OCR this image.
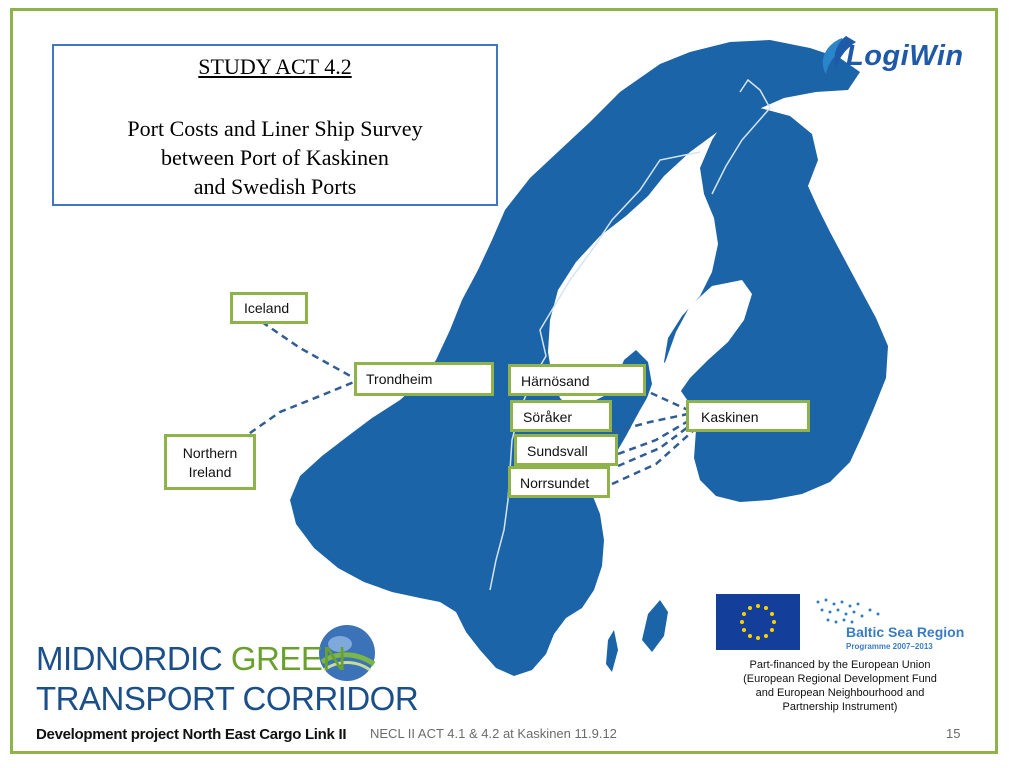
STUDY ACT 4.2
Port Costs and Liner Ship Survey
between Port of Kaskinen
and Swedish Ports
Iceland
Trondheim
Northern
Ireland
Härnösand
Söråker
Sundsvall
Norrsundet
Kaskinen
LogiWin
Baltic Sea Region
Programme 2007–2013
Part-financed by the European Union
(European Regional Development Fund
and European Neighbourhood and
Partnership Instrument)
MIDNORDIC GREEN
TRANSPORT CORRIDOR
Development project North East Cargo Link II NECL II ACT 4.1 & 4.2 at Kaskinen 11.9.12	15
